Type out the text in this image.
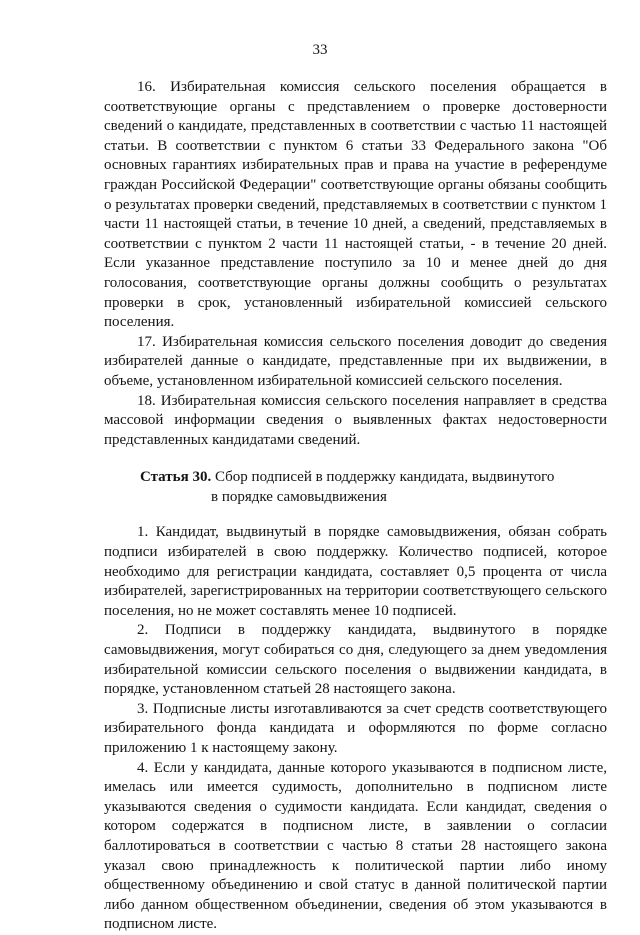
33

16. Избирательная комиссия сельского поселения обращается в соответствующие органы с представлением о проверке достоверности сведений о кандидате, представленных в соответствии с частью 11 настоящей статьи. В соответствии с пунктом 6 статьи 33 Федерального закона "Об основных гарантиях избирательных прав и права на участие в референдуме граждан Российской Федерации" соответствующие органы обязаны сообщить о результатах проверки сведений, представляемых в соответствии с пунктом 1 части 11 настоящей статьи, в течение 10 дней, а сведений, представляемых в соответствии с пунктом 2 части 11 настоящей статьи, - в течение 20 дней. Если указанное представление поступило за 10 и менее дней до дня голосования, соответствующие органы должны сообщить о результатах проверки в срок, установленный избирательной комиссией сельского поселения.

17. Избирательная комиссия сельского поселения доводит до сведения избирателей данные о кандидате, представленные при их выдвижении, в объеме, установленном избирательной комиссией сельского поселения.

18. Избирательная комиссия сельского поселения направляет в средства массовой информации сведения о выявленных фактах недостоверности представленных кандидатами сведений.

Статья 30. Сбор подписей в поддержку кандидата, выдвинутого
в порядке самовыдвижения

1. Кандидат, выдвинутый в порядке самовыдвижения, обязан собрать подписи избирателей в свою поддержку. Количество подписей, которое необходимо для регистрации кандидата, составляет 0,5 процента от числа избирателей, зарегистрированных на территории соответствующего сельского поселения, но не может составлять менее 10 подписей.

2. Подписи в поддержку кандидата, выдвинутого в порядке самовыдвижения, могут собираться со дня, следующего за днем уведомления избирательной комиссии сельского поселения о выдвижении кандидата, в порядке, установленном статьей 28 настоящего закона.

3. Подписные листы изготавливаются за счет средств соответствующего избирательного фонда кандидата и оформляются по форме согласно приложению 1 к настоящему закону.

4. Если у кандидата, данные которого указываются в подписном листе, имелась или имеется судимость, дополнительно в подписном листе указываются сведения о судимости кандидата. Если кандидат, сведения о котором содержатся в подписном листе, в заявлении о согласии баллотироваться в соответствии с частью 8 статьи 28 настоящего закона указал свою принадлежность к политической партии либо иному общественному объединению и свой статус в данной политической партии либо данном общественном объединении, сведения об этом указываются в подписном листе.
